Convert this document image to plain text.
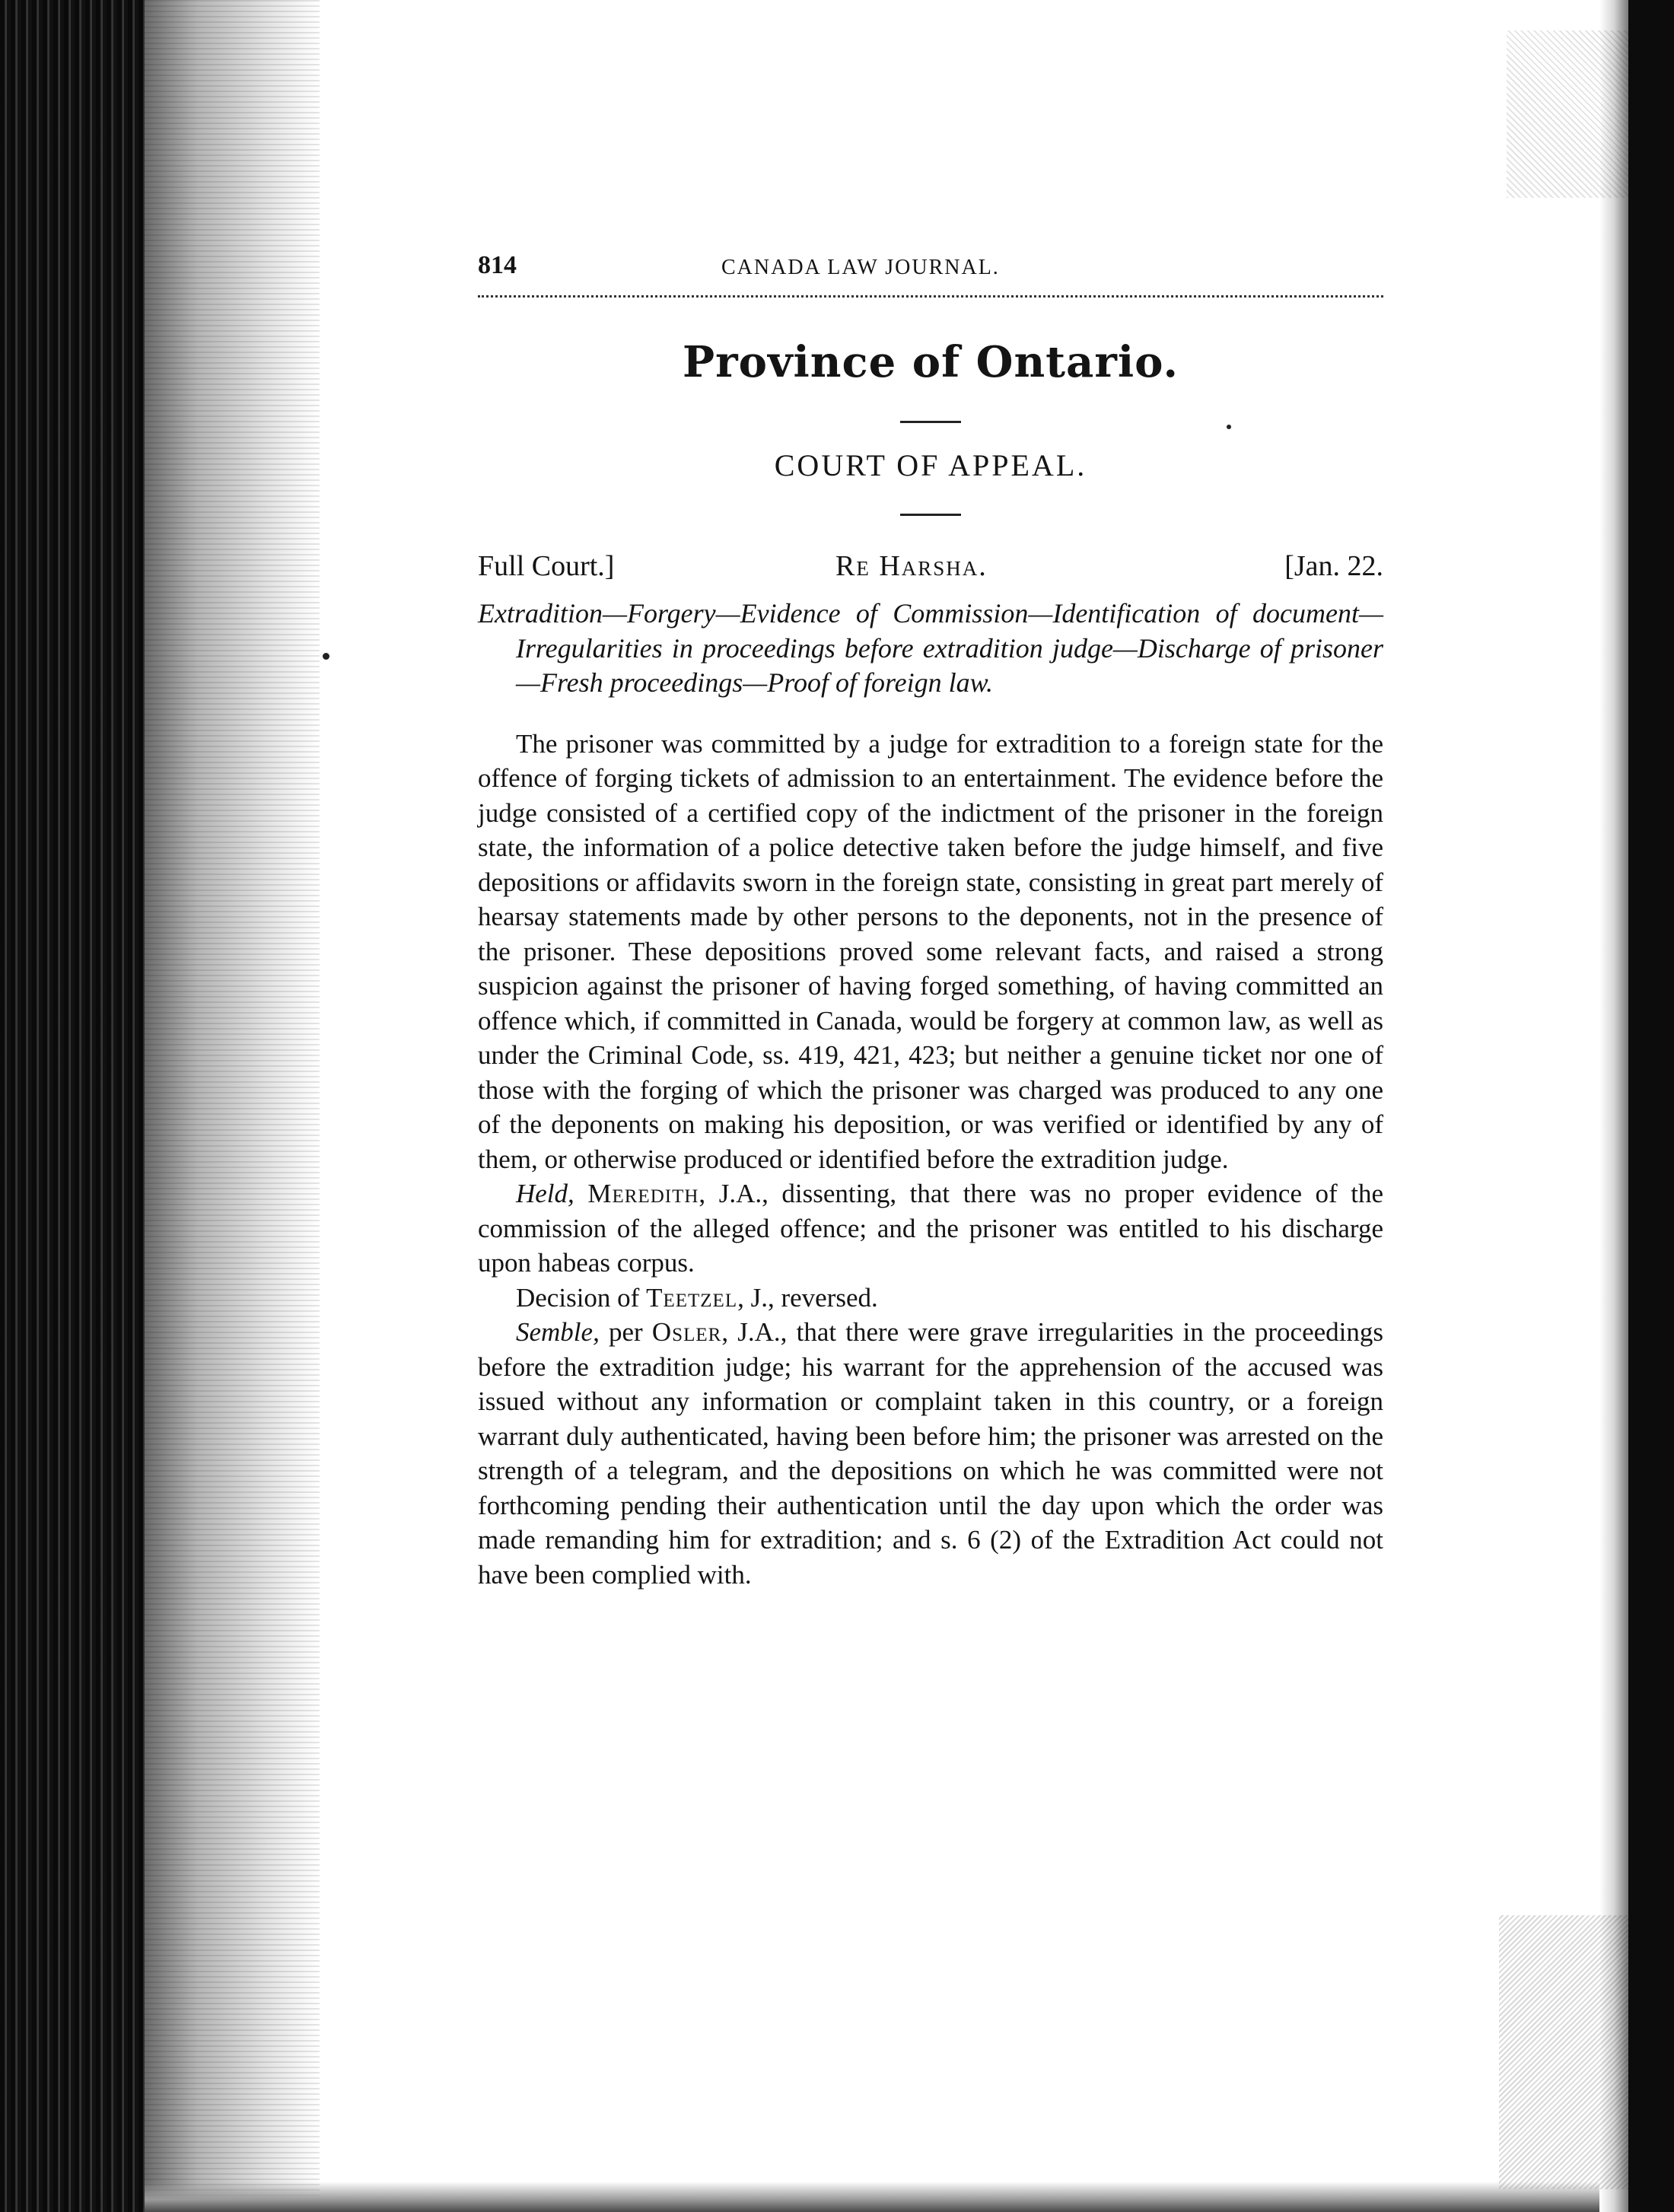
814	CANADA LAW JOURNAL.
Province of Ontario.
COURT OF APPEAL.
Full Court.]	Re Harsha.	[Jan. 22.
Extradition—Forgery—Evidence of Commission—Identification of document—Irregularities in proceedings before extradition judge—Discharge of prisoner—Fresh proceedings—Proof of foreign law.

The prisoner was committed by a judge for extradition to a foreign state for the offence of forging tickets of admission to an entertainment. The evidence before the judge consisted of a certified copy of the indictment of the prisoner in the foreign state, the information of a police detective taken before the judge himself, and five depositions or affidavits sworn in the foreign state, consisting in great part merely of hearsay statements made by other persons to the deponents, not in the presence of the prisoner. These depositions proved some relevant facts, and raised a strong suspicion against the prisoner of having forged something, of having committed an offence which, if committed in Canada, would be forgery at common law, as well as under the Criminal Code, ss. 419, 421, 423; but neither a genuine ticket nor one of those with the forging of which the prisoner was charged was produced to any one of the deponents on making his deposition, or was verified or identified by any of them, or otherwise produced or identified before the extradition judge.

Held, Meredith, J.A., dissenting, that there was no proper evidence of the commission of the alleged offence; and the prisoner was entitled to his discharge upon habeas corpus.

Decision of Teetzel, J., reversed.

Semble, per Osler, J.A., that there were grave irregularities in the proceedings before the extradition judge; his warrant for the apprehension of the accused was issued without any information or complaint taken in this country, or a foreign warrant duly authenticated, having been before him; the prisoner was arrested on the strength of a telegram, and the depositions on which he was committed were not forthcoming pending their authentication until the day upon which the order was made remanding him for extradition; and s. 6 (2) of the Extradition Act could not have been complied with.
